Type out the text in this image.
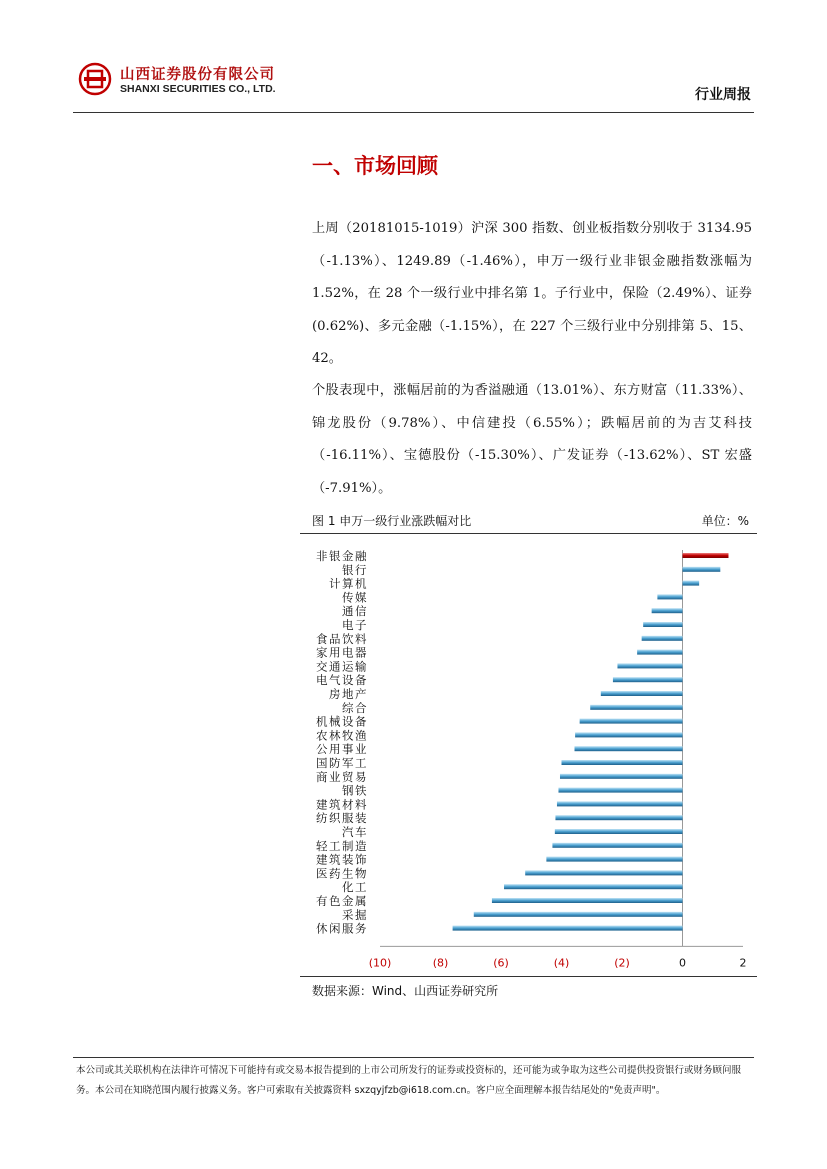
山西证券股份有限公司
SHANXI SECURITIES CO., LTD.	行业周报
一、市场回顾

上周（20181015-1019）沪深 300 指数、创业板指数分别收于 3134.95（-1.13%）、1249.89（-1.46%），申万一级行业非银金融指数涨幅为 1.52%，在 28 个一级行业中排名第 1。子行业中，保险（2.49%）、证券(0.62%)、多元金融（-1.15%），在 227 个三级行业中分别排第 5、15、42。

个股表现中，涨幅居前的为香溢融通（13.01%）、东方财富（11.33%）、锦龙股份（9.78%）、中信建投（6.55%）；跌幅居前的为吉艾科技（-16.11%）、宝德股份（-15.30%）、广发证券（-13.62%）、ST 宏盛（-7.91%）。

图 1 申万一级行业涨跌幅对比	单位：%
非银金融
银行
计算机
传媒
通信
电子
食品饮料
家用电器
交通运输
电气设备
房地产
综合
机械设备
农林牧渔
公用事业
国防军工
商业贸易
钢铁
建筑材料
纺织服装
汽车
轻工制造
建筑装饰
医药生物
化工
有色金属
采掘
休闲服务
(10)	(8)	(6)	(4)	(2)	0	2
数据来源：Wind、山西证券研究所

本公司或其关联机构在法律许可情况下可能持有或交易本报告提到的上市公司所发行的证券或投资标的，还可能为或争取为这些公司提供投资银行或财务顾问服务。本公司在知晓范围内履行披露义务。客户可索取有关披露资料 sxzqyjfzb@i618.com.cn。客户应全面理解本报告结尾处的"免责声明"。
